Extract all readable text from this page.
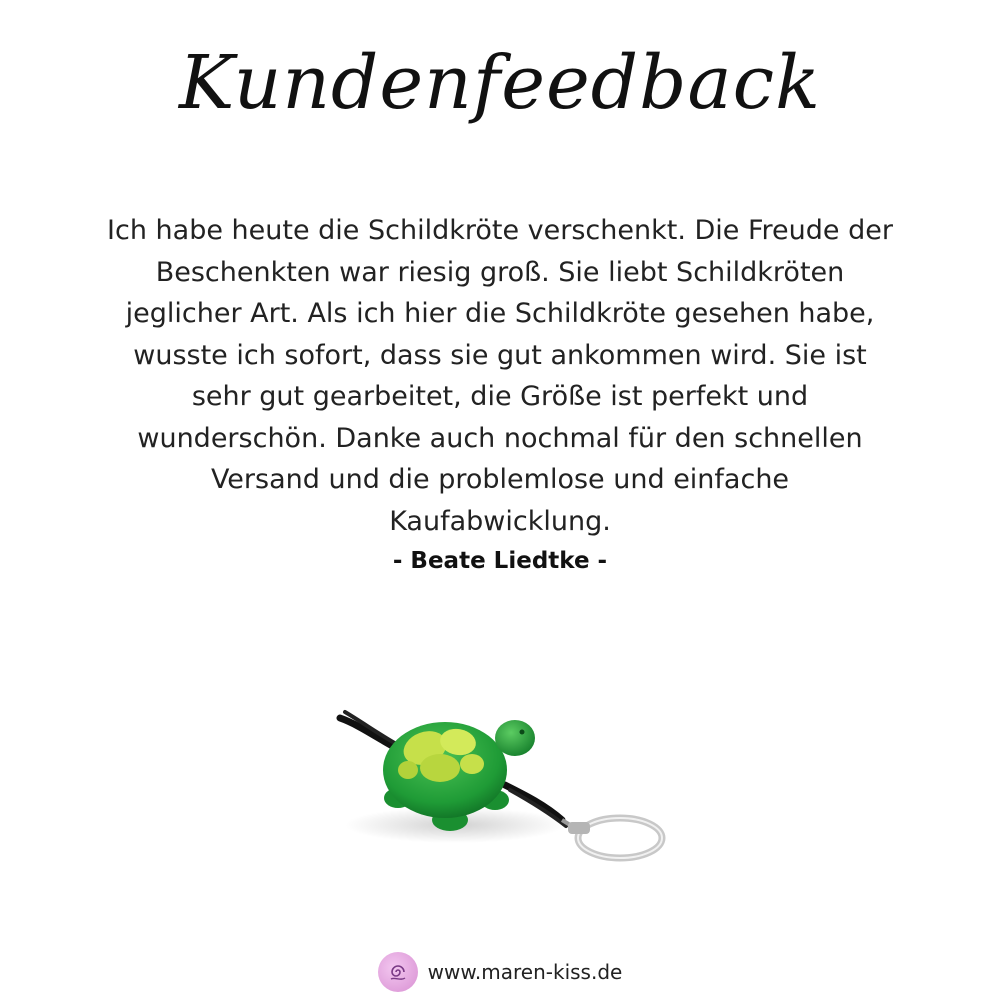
Kundenfeedback
Ich habe heute die Schildkröte verschenkt. Die Freude der Beschenkten war riesig groß. Sie liebt Schildkröten jeglicher Art. Als ich hier die Schildkröte gesehen habe, wusste ich sofort, dass sie gut ankommen wird. Sie ist sehr gut gearbeitet, die Größe ist perfekt und wunderschön. Danke auch nochmal für den schnellen Versand und die problemlose und einfache Kaufabwicklung.
- Beate Liedtke -
www.maren-kiss.de
